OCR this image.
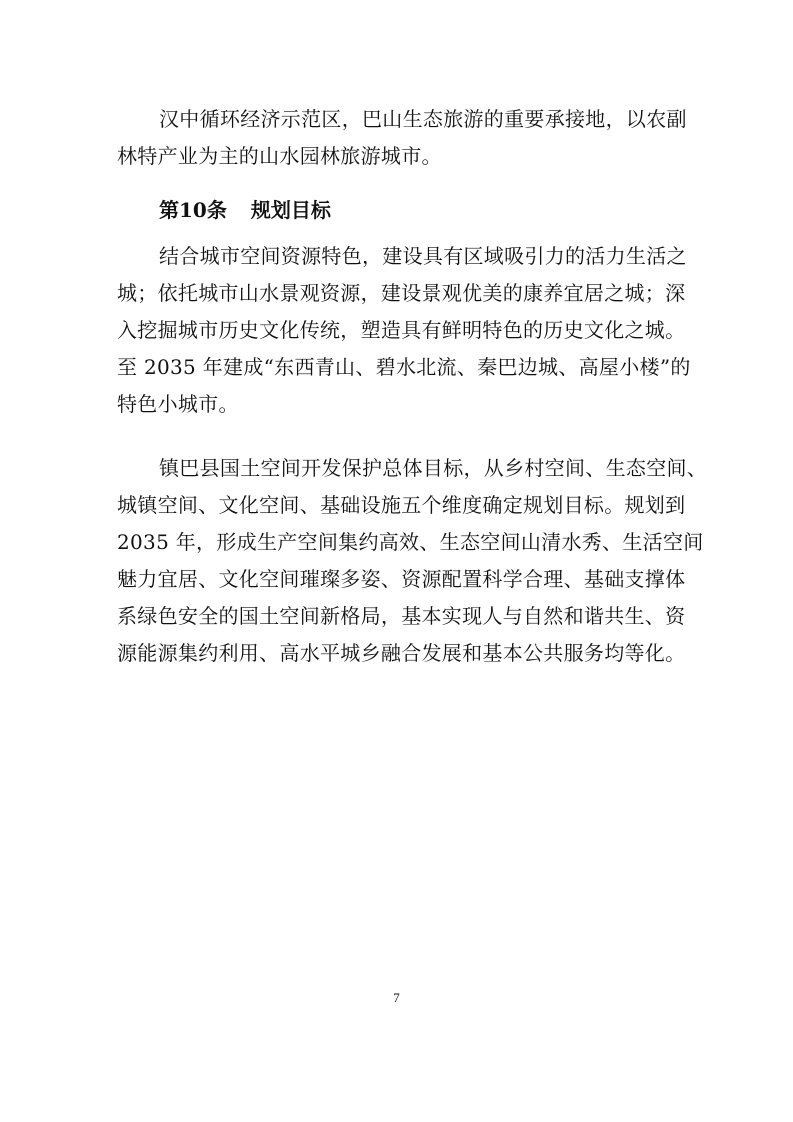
汉中循环经济示范区，巴山生态旅游的重要承接地，以农副
林特产业为主的山水园林旅游城市。
第10条 规划目标
结合城市空间资源特色，建设具有区域吸引力的活力生活之
城；依托城市山水景观资源，建设景观优美的康养宜居之城；深
入挖掘城市历史文化传统，塑造具有鲜明特色的历史文化之城。
至 2035 年建成“东西青山、碧水北流、秦巴边城、高屋小楼”的
特色小城市。
镇巴县国土空间开发保护总体目标，从乡村空间、生态空间、
城镇空间、文化空间、基础设施五个维度确定规划目标。规划到
2035 年，形成生产空间集约高效、生态空间山清水秀、生活空间
魅力宜居、文化空间璀璨多姿、资源配置科学合理、基础支撑体
系绿色安全的国土空间新格局，基本实现人与自然和谐共生、资
源能源集约利用、高水平城乡融合发展和基本公共服务均等化。
7
